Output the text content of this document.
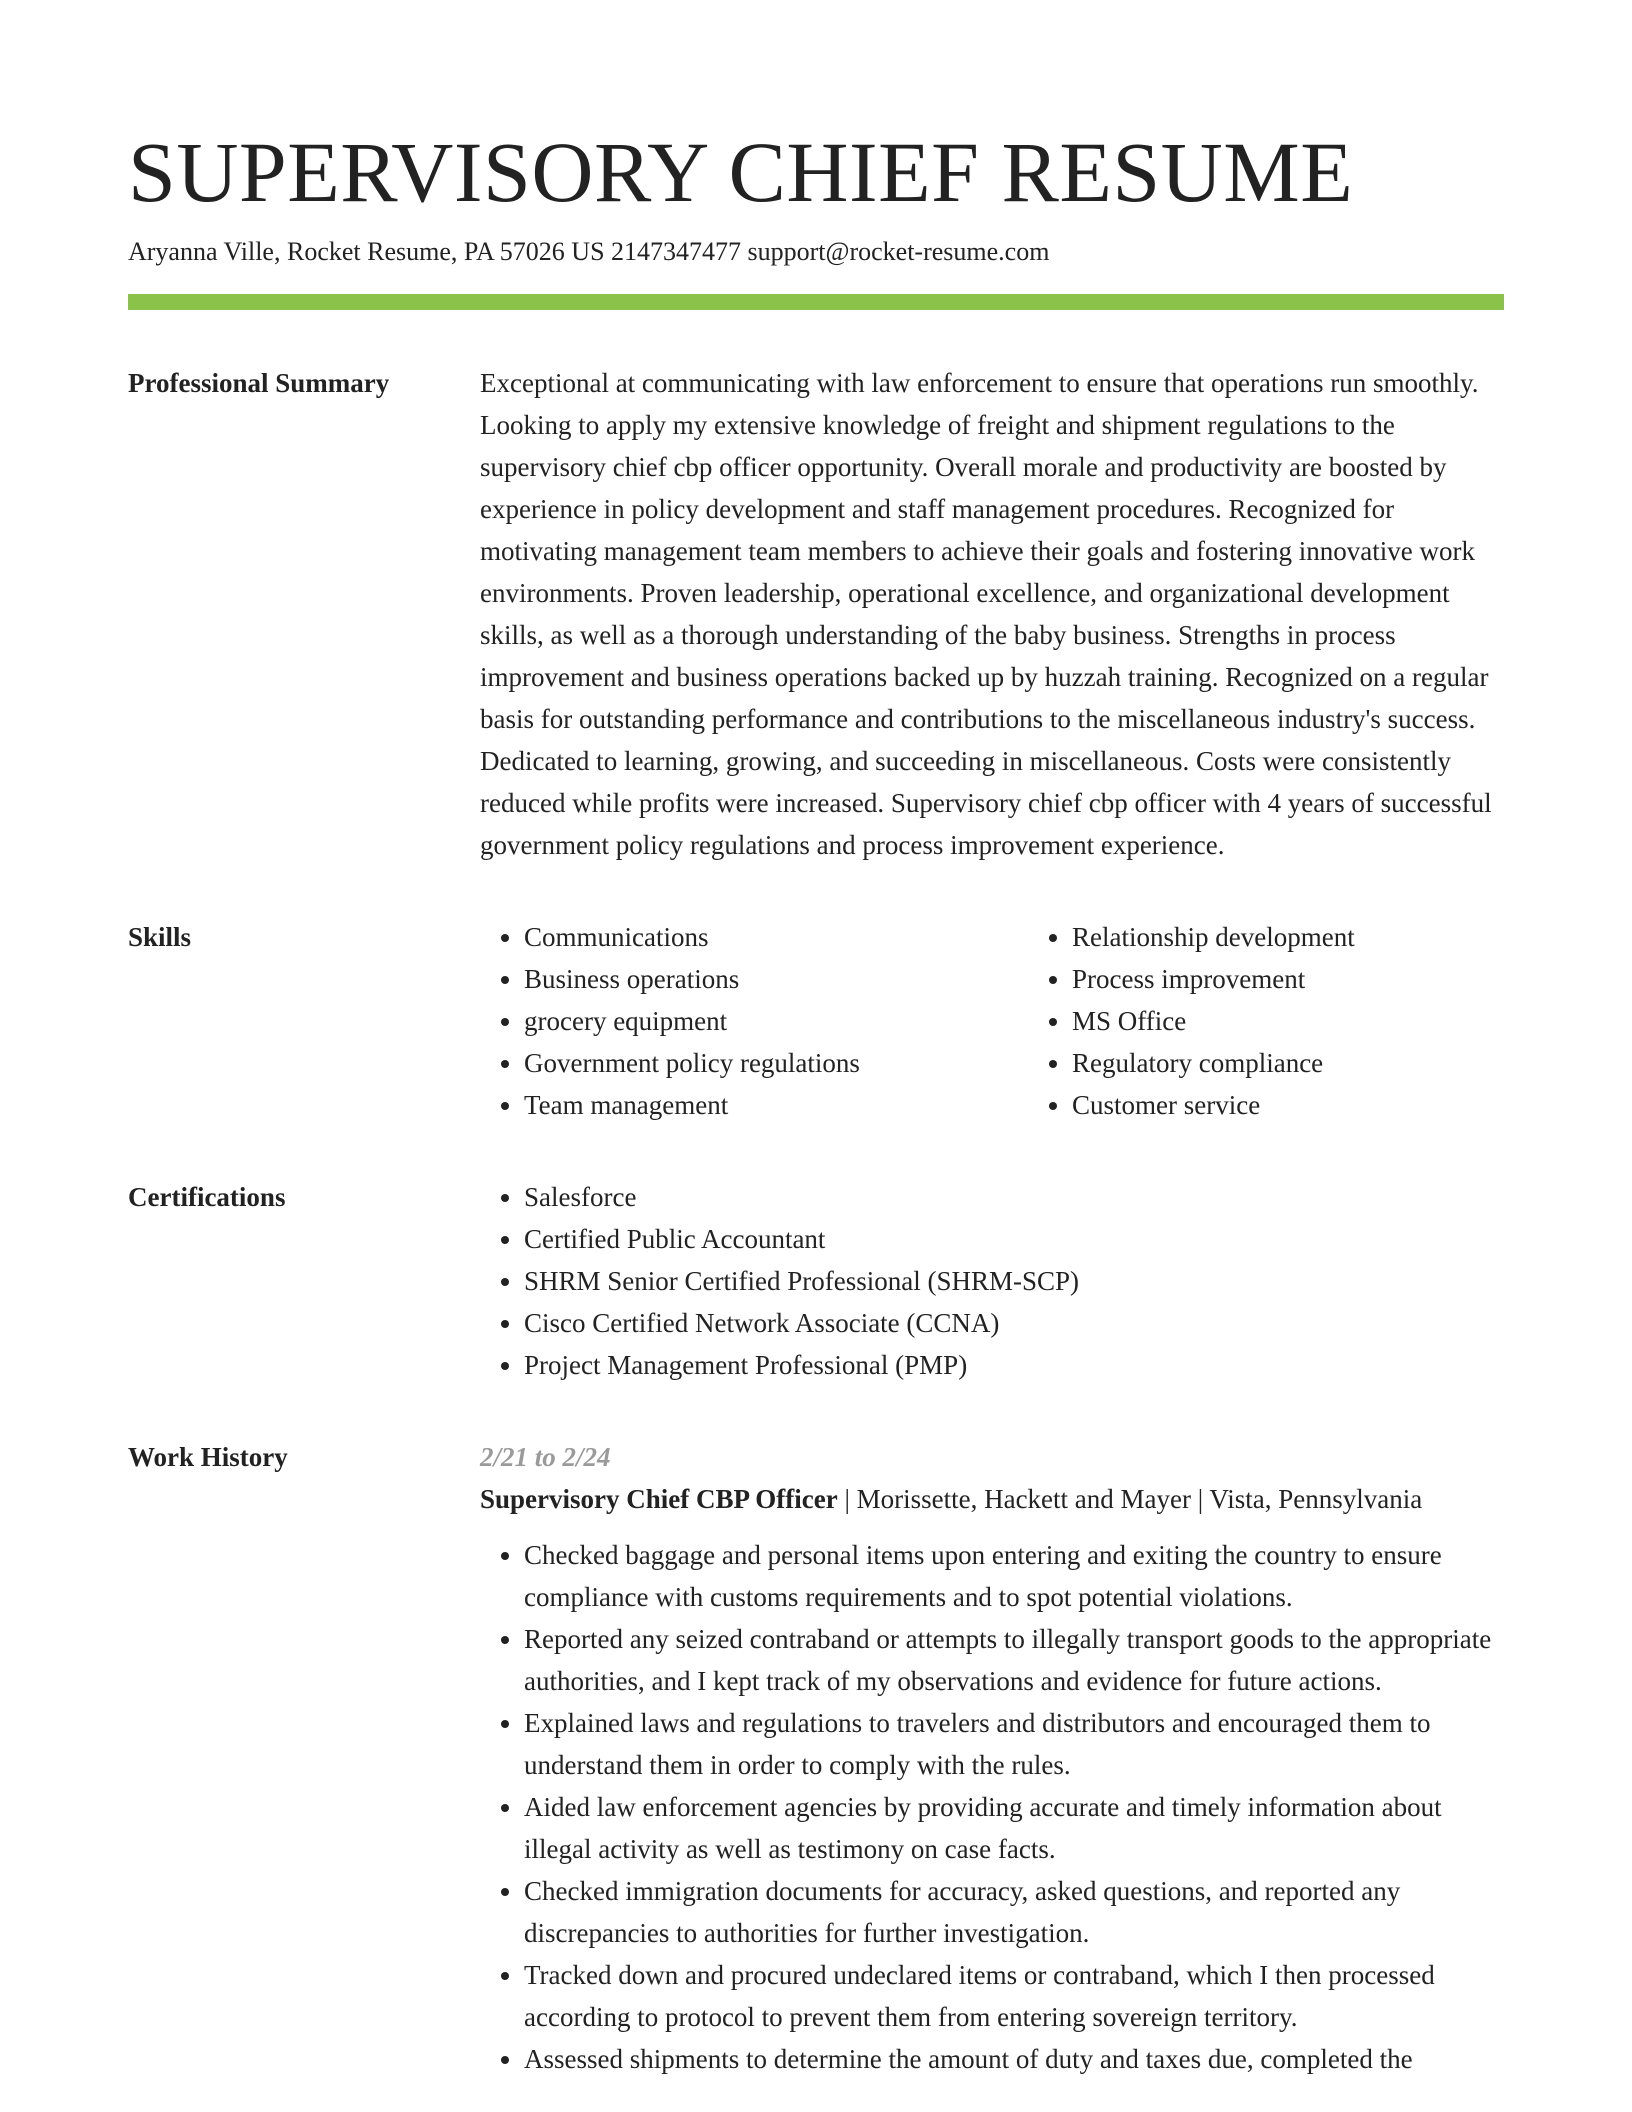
SUPERVISORY CHIEF RESUME
Aryanna Ville, Rocket Resume, PA 57026 US 2147347477 support@rocket-resume.com
Professional Summary	Exceptional at communicating with law enforcement to ensure that operations run smoothly. Looking to apply my extensive knowledge of freight and shipment regulations to the supervisory chief cbp officer opportunity. Overall morale and productivity are boosted by experience in policy development and staff management procedures. Recognized for motivating management team members to achieve their goals and fostering innovative work environments. Proven leadership, operational excellence, and organizational development skills, as well as a thorough understanding of the baby business. Strengths in process improvement and business operations backed up by huzzah training. Recognized on a regular basis for outstanding performance and contributions to the miscellaneous industry's success. Dedicated to learning, growing, and succeeding in miscellaneous. Costs were consistently reduced while profits were increased. Supervisory chief cbp officer with 4 years of successful government policy regulations and process improvement experience.

Skills	• Communications
• Business operations
• grocery equipment
• Government policy regulations
• Team management
• Relationship development
• Process improvement
• MS Office
• Regulatory compliance
• Customer service
Certifications	• Salesforce
• Certified Public Accountant
• SHRM Senior Certified Professional (SHRM-SCP)
• Cisco Certified Network Associate (CCNA)
• Project Management Professional (PMP)
Work History	2/21 to 2/24

Supervisory Chief CBP Officer | Morissette, Hackett and Mayer | Vista, Pennsylvania

• Checked baggage and personal items upon entering and exiting the country to ensure compliance with customs requirements and to spot potential violations.
• Reported any seized contraband or attempts to illegally transport goods to the appropriate authorities, and I kept track of my observations and evidence for future actions.
• Explained laws and regulations to travelers and distributors and encouraged them to understand them in order to comply with the rules.
• Aided law enforcement agencies by providing accurate and timely information about illegal activity as well as testimony on case facts.
• Checked immigration documents for accuracy, asked questions, and reported any discrepancies to authorities for further investigation.
• Tracked down and procured undeclared items or contraband, which I then processed according to protocol to prevent them from entering sovereign territory.
• Assessed shipments to determine the amount of duty and taxes due, completed the
